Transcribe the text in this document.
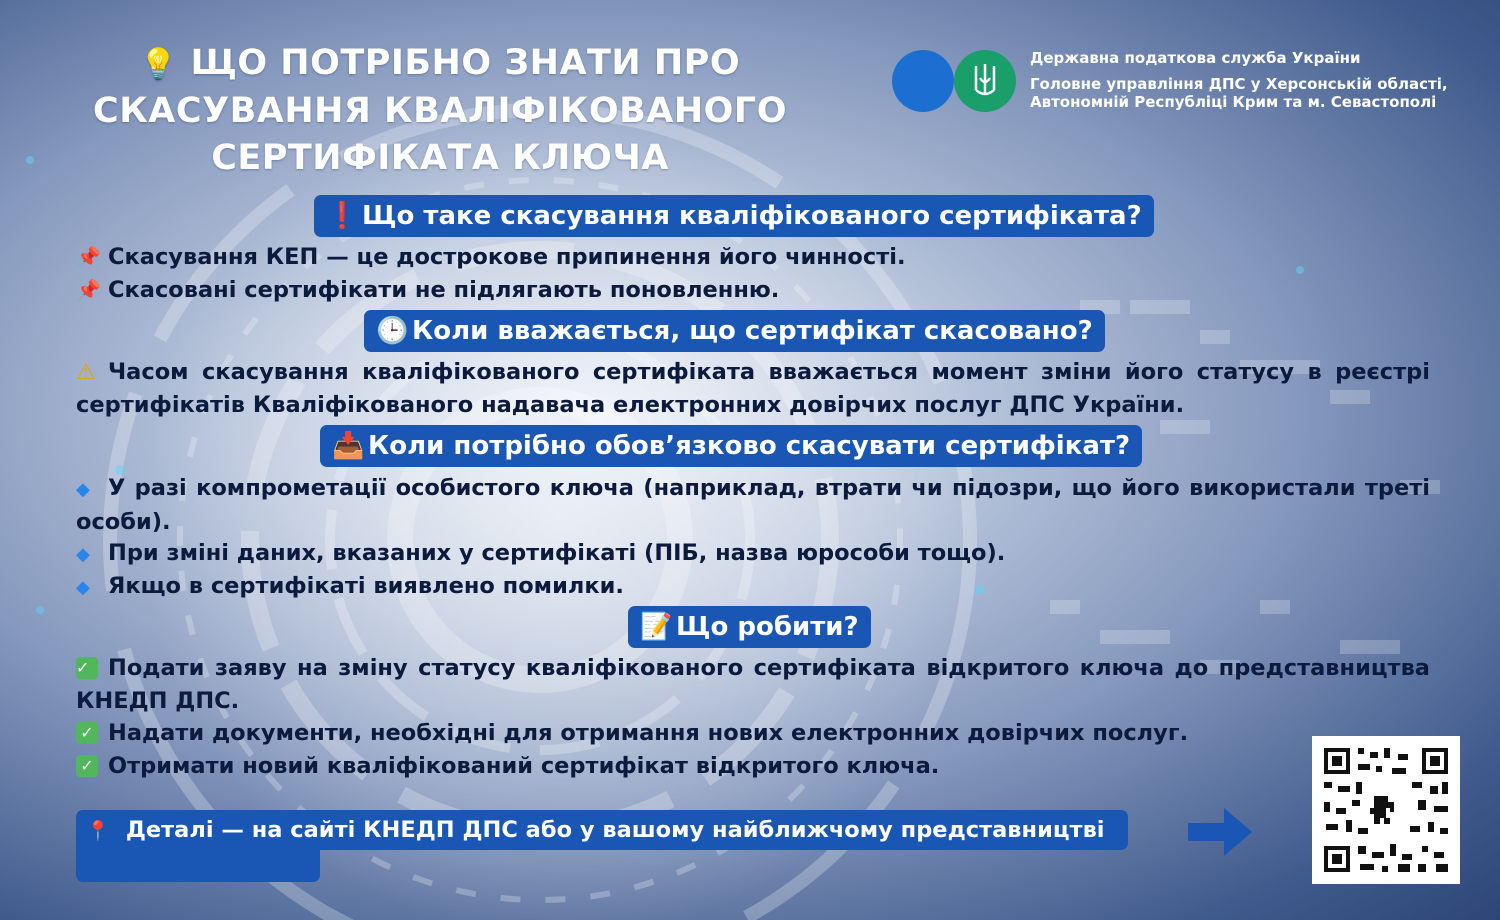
💡 ЩО ПОТРІБНО ЗНАТИ ПРО
СКАСУВАННЯ КВАЛІФІКОВАНОГО
СЕРТИФІКАТА КЛЮЧА
Державна податкова служба України
Головне управління ДПС у Херсонській області,
Автономній Республіці Крим та м. Севастополі
❗ Що таке скасування кваліфікованого сертифіката?
📌 Скасування КЕП — це дострокове припинення його чинності.
📌 Скасовані сертифікати не підлягають поновленню.
🕒 Коли вважається, що сертифікат скасовано?
⚠ Часом скасування кваліфікованого сертифіката вважається момент зміни його статусу в реєстрі сертифікатів Кваліфікованого надавача електронних довірчих послуг ДПС України.
📥 Коли потрібно обов’язково скасувати сертифікат?
◆ У разі компрометації особистого ключа (наприклад, втрати чи підозри, що його використали треті особи).
◆ При зміні даних, вказаних у сертифікаті (ПІБ, назва юрособи тощо).
◆ Якщо в сертифікаті виявлено помилки.
📝 Що робити?
✓ Подати заяву на зміну статусу кваліфікованого сертифіката відкритого ключа до представництва КНЕДП ДПС.
✓ Надати документи, необхідні для отримання нових електронних довірчих послуг.
✓ Отримати новий кваліфікований сертифікат відкритого ключа.
📍 Деталі — на сайті КНЕДП ДПС або у вашому найближчому представництві
